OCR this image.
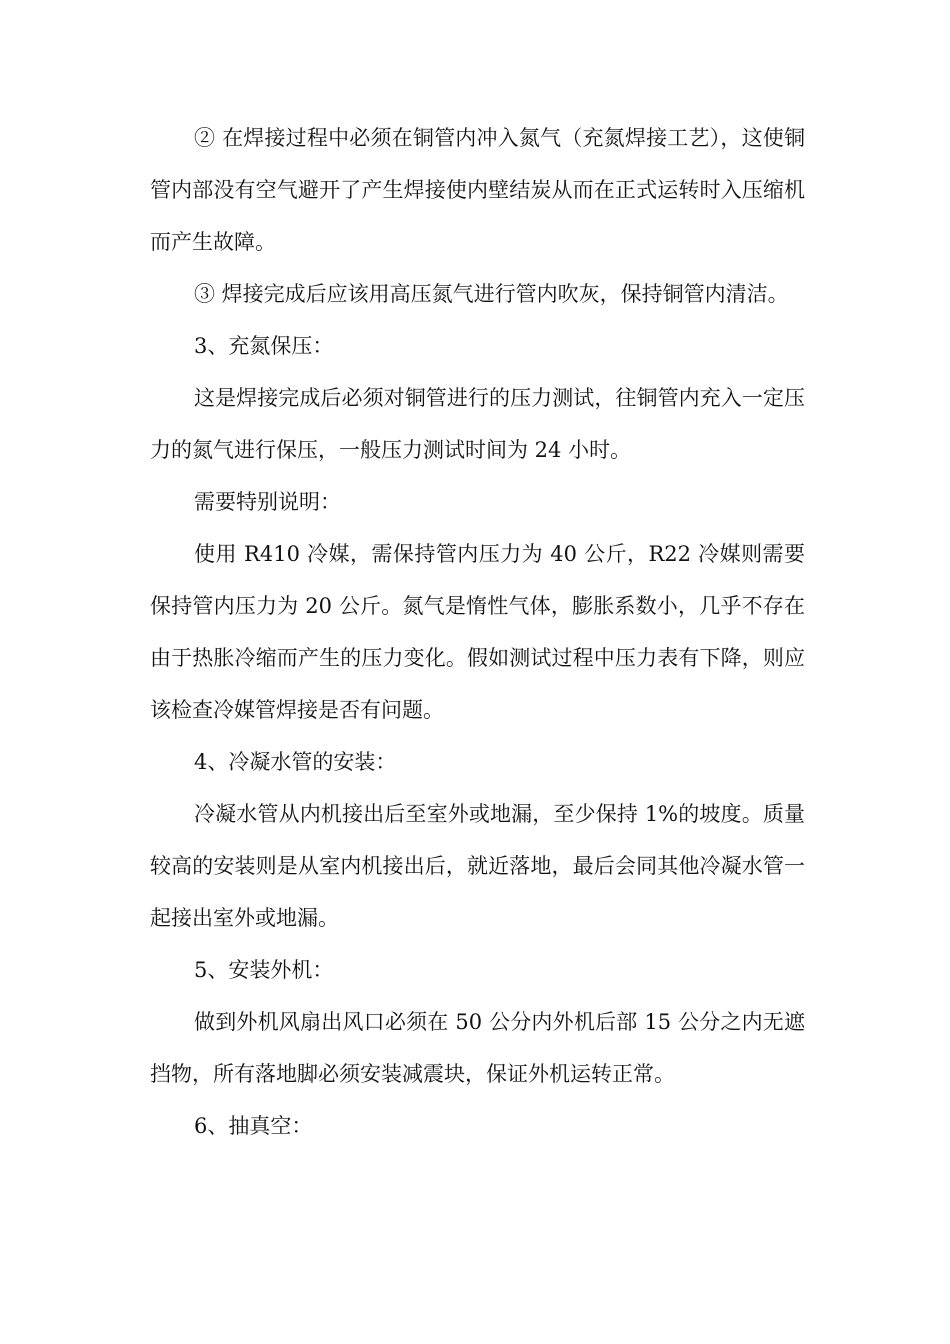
② 在焊接过程中必须在铜管内冲入氮气（充氮焊接工艺），这使铜管内部没有空气避开了产生焊接使内壁结炭从而在正式运转时入压缩机而产生故障。

③ 焊接完成后应该用高压氮气进行管内吹灰，保持铜管内清洁。

3、充氮保压：

这是焊接完成后必须对铜管进行的压力测试，往铜管内充入一定压力的氮气进行保压，一般压力测试时间为 24 小时。

需要特别说明：

使用 R410 冷媒，需保持管内压力为 40 公斤，R22 冷媒则需要保持管内压力为 20 公斤。氮气是惰性气体，膨胀系数小，几乎不存在由于热胀冷缩而产生的压力变化。假如测试过程中压力表有下降，则应该检查冷媒管焊接是否有问题。

4、冷凝水管的安装：

冷凝水管从内机接出后至室外或地漏，至少保持 1%的坡度。质量较高的安装则是从室内机接出后，就近落地，最后会同其他冷凝水管一起接出室外或地漏。

5、安装外机：

做到外机风扇出风口必须在 50 公分内外机后部 15 公分之内无遮挡物，所有落地脚必须安装减震块，保证外机运转正常。

6、抽真空：
